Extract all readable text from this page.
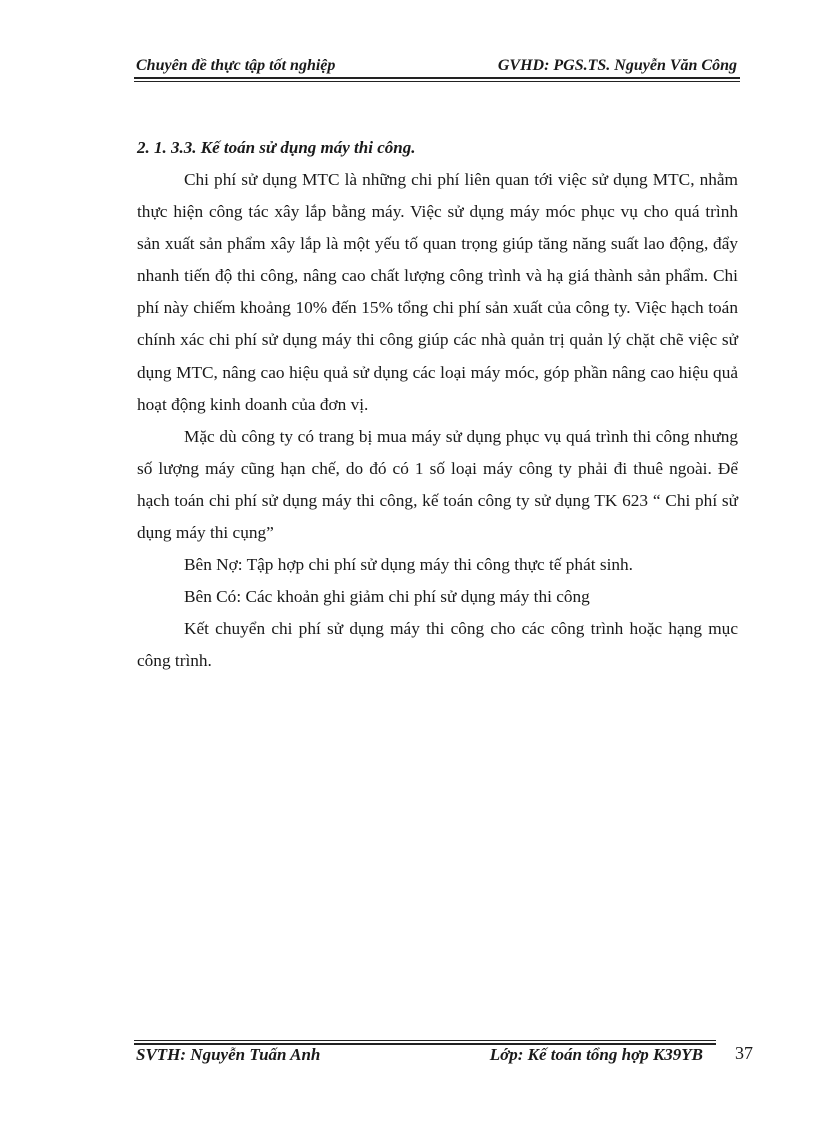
Chuyên đề thực tập tốt nghiệp	GVHD: PGS.TS. Nguyễn Văn Công

2. 1. 3.3. Kế toán sử dụng máy thi công.

Chi phí sử dụng MTC là những chi phí liên quan tới việc sử dụng MTC, nhằm thực hiện công tác xây lắp bằng máy. Việc sử dụng máy móc phục vụ cho quá trình sản xuất sản phẩm xây lắp là một yếu tố quan trọng giúp tăng năng suất lao động, đẩy nhanh tiến độ thi công, nâng cao chất lượng công trình và hạ giá thành sản phẩm. Chi phí này chiếm khoảng 10% đến 15% tổng chi phí sản xuất của công ty. Việc hạch toán chính xác chi phí sử dụng máy thi công giúp các nhà quản trị quản lý chặt chẽ việc sử dụng MTC, nâng cao hiệu quả sử dụng các loại máy móc, góp phần nâng cao hiệu quả hoạt động kinh doanh của đơn vị.

Mặc dù công ty có trang bị mua máy sử dụng phục vụ quá trình thi công nhưng số lượng máy cũng hạn chế, do đó có 1 số loại máy công ty phải đi thuê ngoài. Để hạch toán chi phí sử dụng máy thi công, kế toán công ty sử dụng TK 623 “ Chi phí sử dụng máy thi cụng”

Bên Nợ: Tập hợp chi phí sử dụng máy thi công thực tế phát sinh.

Bên Có: Các khoản ghi giảm chi phí sử dụng máy thi công

Kết chuyển chi phí sử dụng máy thi công cho các công trình hoặc hạng mục công trình.

SVTH: Nguyễn Tuấn Anh	Lớp: Kế toán tổng hợp K39YB 37
